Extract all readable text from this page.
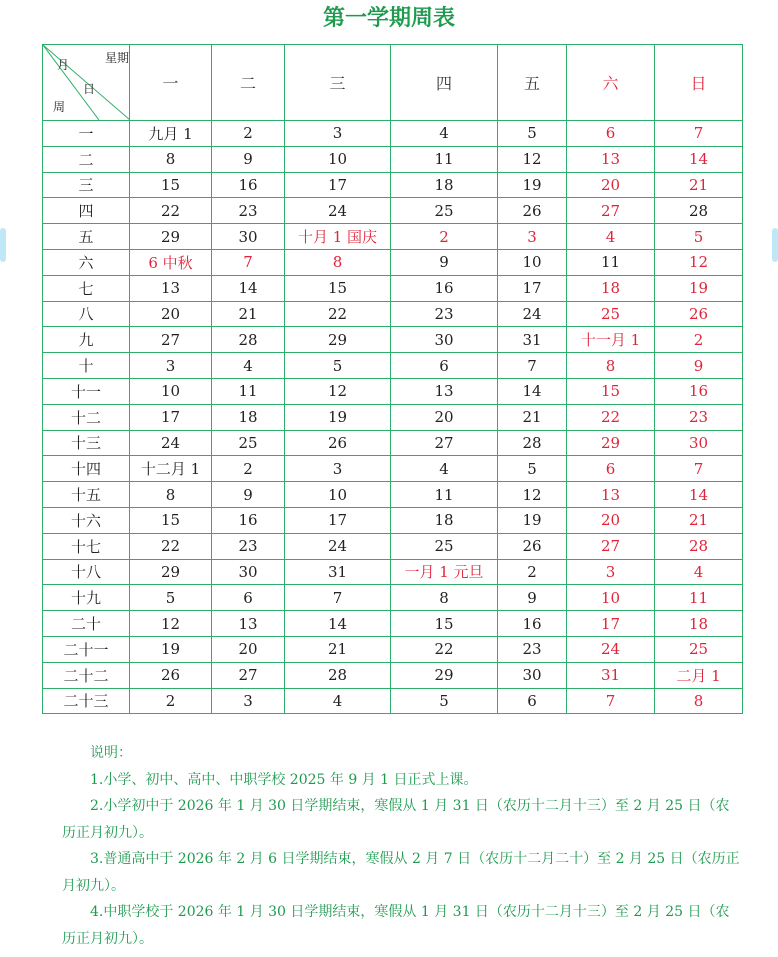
第一学期周表
星期
月
日
周	一	二	三	四	五	六	日
一	九月 1	2	3	4	5	6	7
二	8	9	10	11	12	13	14
三	15	16	17	18	19	20	21
四	22	23	24	25	26	27	28
五	29	30	十月 1 国庆	2	3	4	5
六	6 中秋	7	8	9	10	11	12
七	13	14	15	16	17	18	19
八	20	21	22	23	24	25	26
九	27	28	29	30	31	十一月 1	2
十	3	4	5	6	7	8	9
十一	10	11	12	13	14	15	16
十二	17	18	19	20	21	22	23
十三	24	25	26	27	28	29	30
十四	十二月 1	2	3	4	5	6	7
十五	8	9	10	11	12	13	14
十六	15	16	17	18	19	20	21
十七	22	23	24	25	26	27	28
十八	29	30	31	一月 1 元旦	2	3	4
十九	5	6	7	8	9	10	11
二十	12	13	14	15	16	17	18
二十一	19	20	21	22	23	24	25
二十二	26	27	28	29	30	31	二月 1
二十三	2	3	4	5	6	7	8

说明：

1.小学、初中、高中、中职学校 2025 年 9 月 1 日正式上课。

2.小学初中于 2026 年 1 月 30 日学期结束，寒假从 1 月 31 日（农历十二月十三）至 2 月 25 日（农历正月初九）。

3.普通高中于 2026 年 2 月 6 日学期结束，寒假从 2 月 7 日（农历十二月二十）至 2 月 25 日（农历正月初九）。

4.中职学校于 2026 年 1 月 30 日学期结束，寒假从 1 月 31 日（农历十二月十三）至 2 月 25 日（农历正月初九）。
